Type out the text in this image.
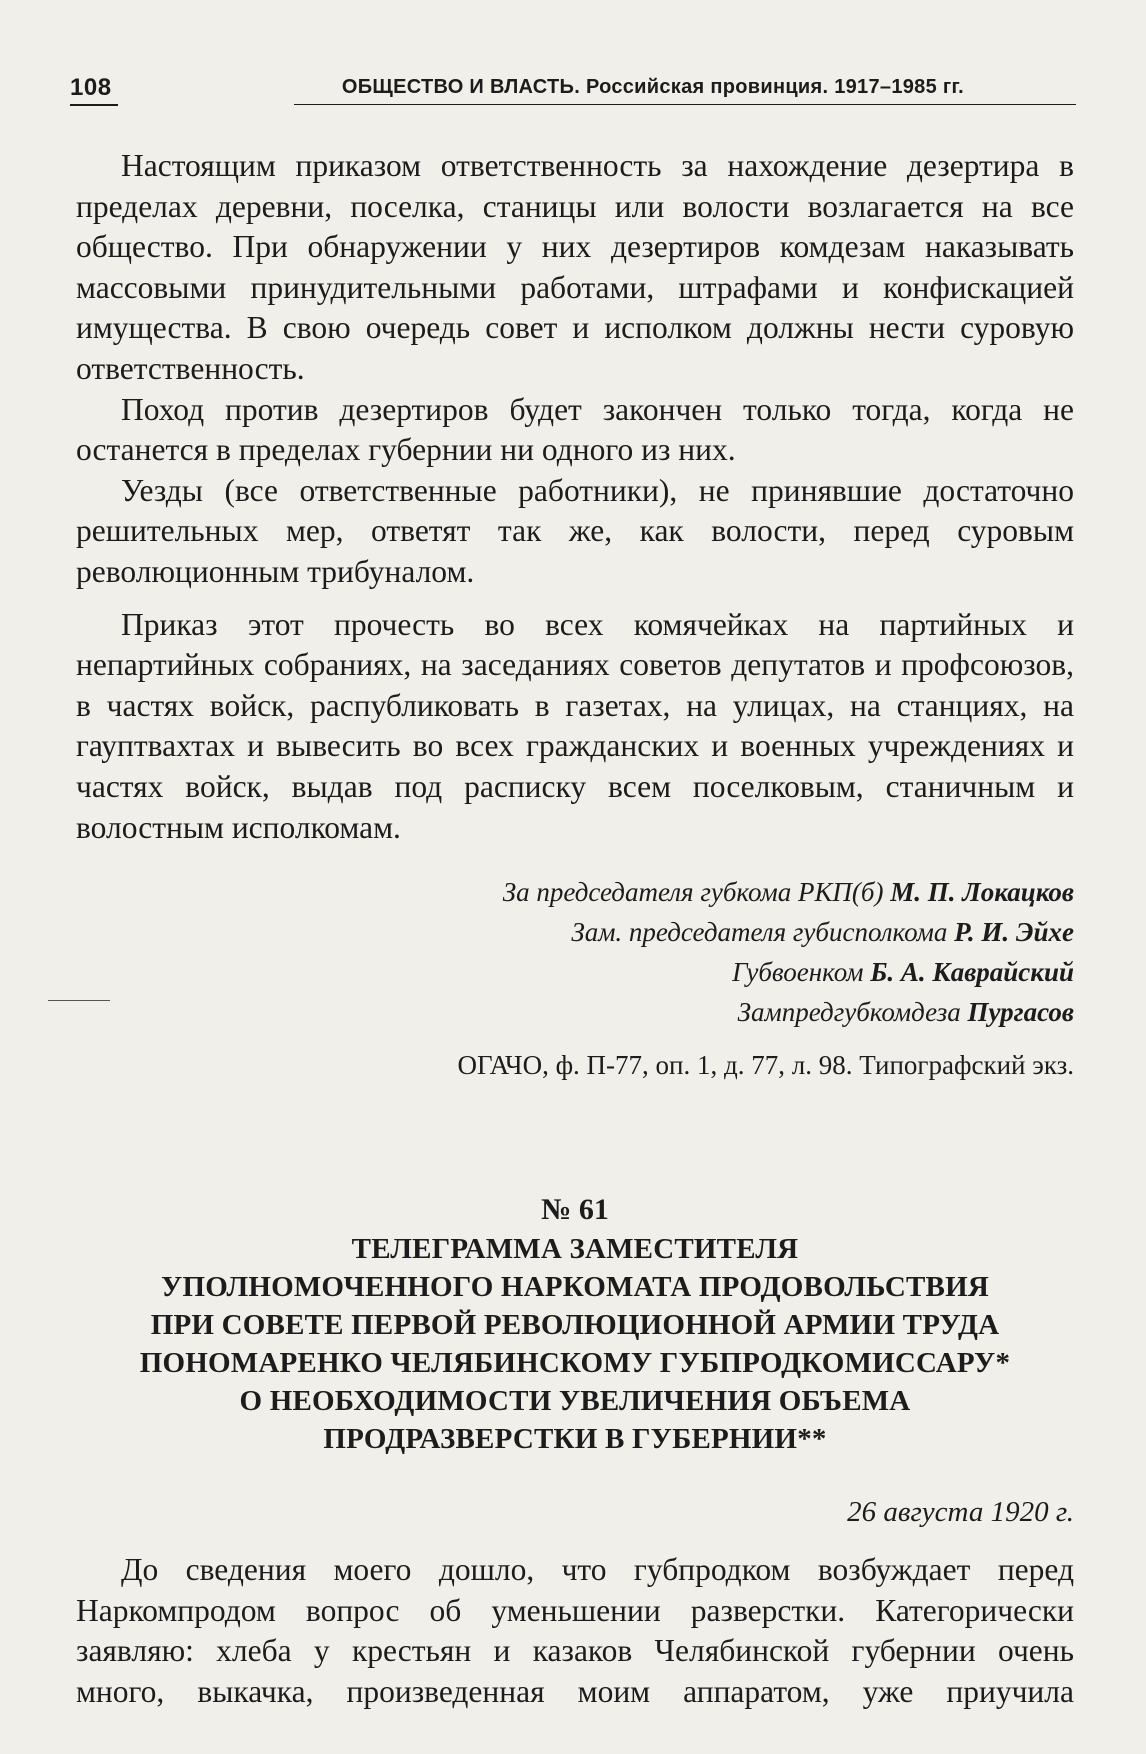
108	ОБЩЕСТВО И ВЛАСТЬ. Российская провинция. 1917–1985 гг.

Настоящим приказом ответственность за нахождение дезертира в пределах деревни, поселка, станицы или волости возлагается на все общество. При обнаружении у них дезертиров комдезам наказывать массовыми принудительными работами, штрафами и конфискацией имущества. В свою очередь совет и исполком должны нести суровую ответственность.

Поход против дезертиров будет закончен только тогда, когда не останется в пределах губернии ни одного из них.

Уезды (все ответственные работники), не принявшие достаточно решительных мер, ответят так же, как волости, перед суровым революционным трибуналом.

Приказ этот прочесть во всех комячейках на партийных и непартийных собраниях, на заседаниях советов депутатов и профсоюзов, в частях войск, распубликовать в газетах, на улицах, на станциях, на гауптвахтах и вывесить во всех гражданских и военных учреждениях и частях войск, выдав под расписку всем поселковым, станичным и волостным исполкомам.

За председателя губкома РКП(б) М. П. Локацков
Зам. председателя губисполкома Р. И. Эйхе
Губвоенком Б. А. Каврайский
Зампредгубкомдеза Пургасов
ОГАЧО, ф. П-77, оп. 1, д. 77, л. 98. Типографский экз.
№ 61
ТЕЛЕГРАММА ЗАМЕСТИТЕЛЯ
УПОЛНОМОЧЕННОГО НАРКОМАТА ПРОДОВОЛЬСТВИЯ
ПРИ СОВЕТЕ ПЕРВОЙ РЕВОЛЮЦИОННОЙ АРМИИ ТРУДА
ПОНОМАРЕНКО ЧЕЛЯБИНСКОМУ ГУБПРОДКОМИССАРУ*
О НЕОБХОДИМОСТИ УВЕЛИЧЕНИЯ ОБЪЕМА
ПРОДРАЗВЕРСТКИ В ГУБЕРНИИ**
26 августа 1920 г.

До сведения моего дошло, что губпродком возбуждает перед
Наркомпродом вопрос об уменьшении разверстки. Категорически
заявляю: хлеба у крестьян и казаков Челябинской губернии очень
много, выкачка, произведенная моим аппаратом, уже приучила
